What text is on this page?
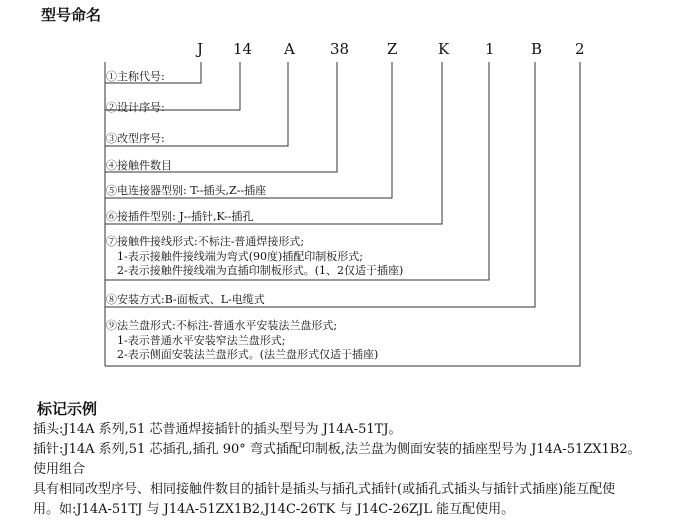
型号命名
J 14 A 38	Z	K 1 B 2
①主称代号:
②设计序号:
③改型序号:
④接触件数目
⑤电连接器型别: T--插头,Z--插座
⑥接插件型别: J--插针,K--插孔
⑦接触件接线形式:不标注-普通焊接形式;
1-表示接触件接线端为弯式(90度)插配印制板形式;
2-表示接触件接线端为直插印制板形式。(1、2仅适于插座)
⑧安装方式:B-面板式、L-电缆式
⑨法兰盘形式:不标注-普通水平安装法兰盘形式;
1-表示普通水平安装窄法兰盘形式;
2-表示侧面安装法兰盘形式。(法兰盘形式仅适于插座)
标记示例
插头:J14A 系列,51 芯普通焊接插针的插头型号为 J14A-51TJ。
插针:J14A 系列,51 芯插孔,插孔 90° 弯式插配印制板,法兰盘为侧面安装的插座型号为 J14A-51ZX1B2。
使用组合
具有相同改型序号、相同接触件数目的插针是插头与插孔式插针(或插孔式插头与插针式插座)能互配使
用。如:J14A-51TJ 与 J14A-51ZX1B2,J14C-26TK 与 J14C-26ZJL 能互配使用。
